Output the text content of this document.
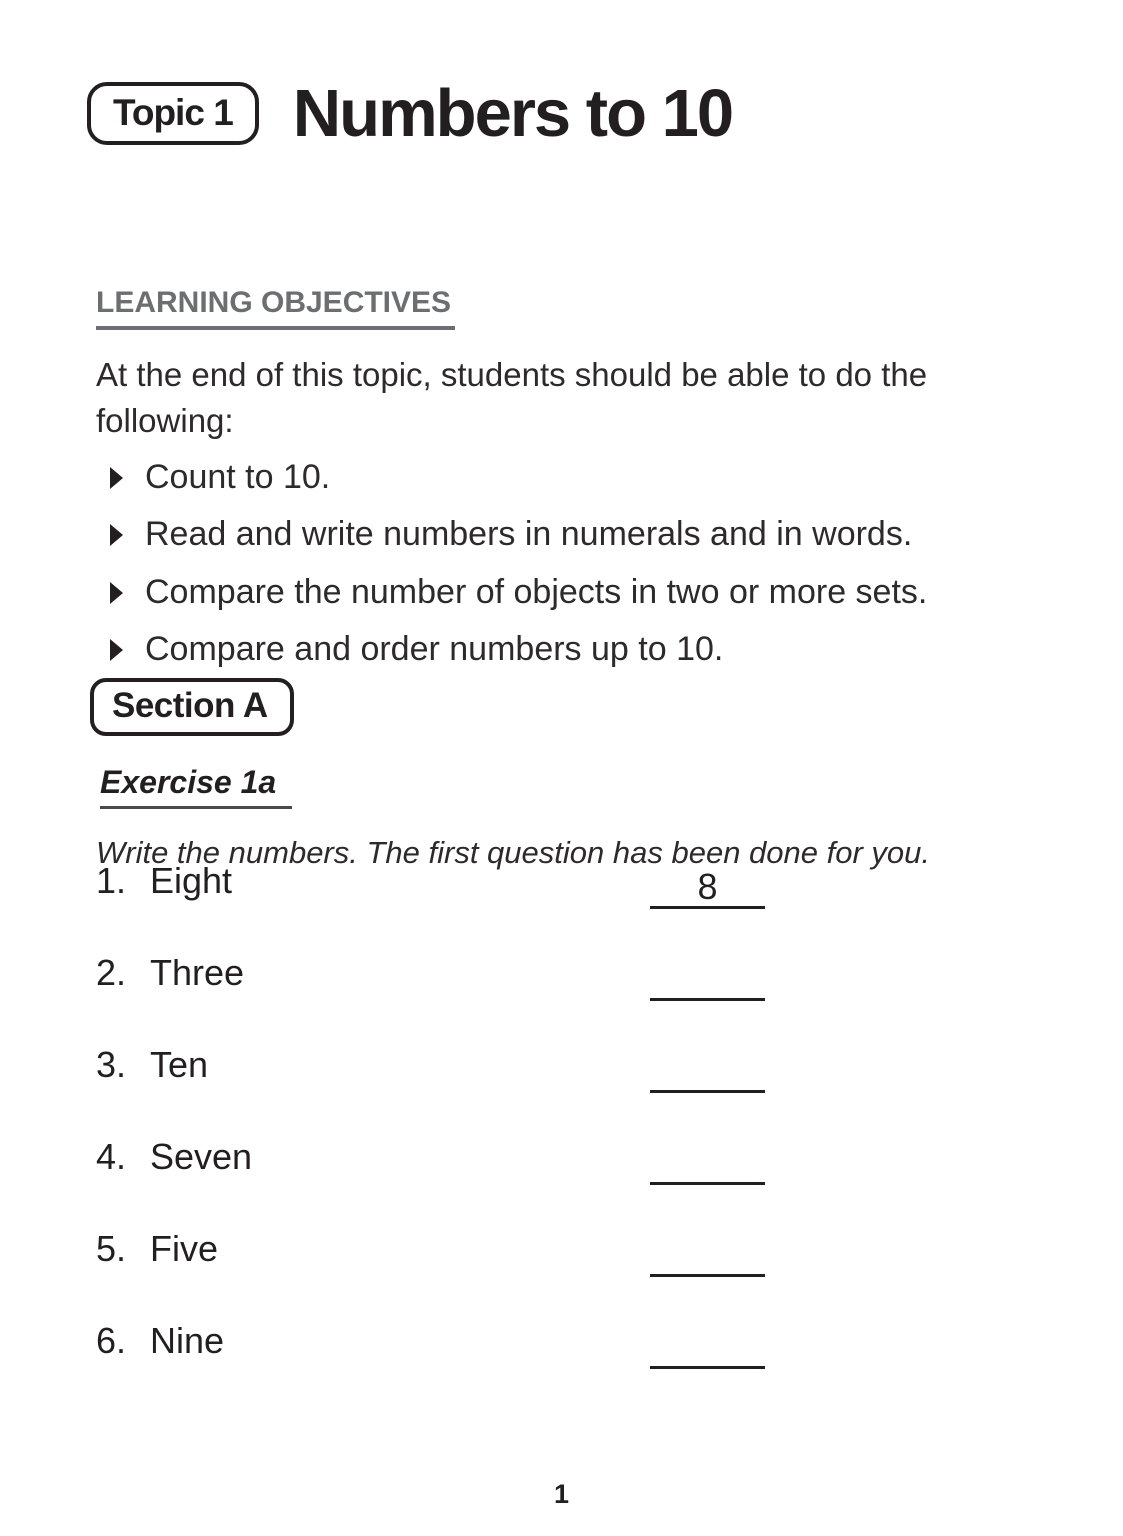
Topic 1 Numbers to 10
LEARNING OBJECTIVES
At the end of this topic, students should be able to do the following:
Count to 10.
Read and write numbers in numerals and in words.
Compare the number of objects in two or more sets.
Compare and order numbers up to 10.
Section A
Exercise 1a
Write the numbers. The first question has been done for you.
1. Eight	8
2. Three
3. Ten
4. Seven
5. Five
6. Nine
1
